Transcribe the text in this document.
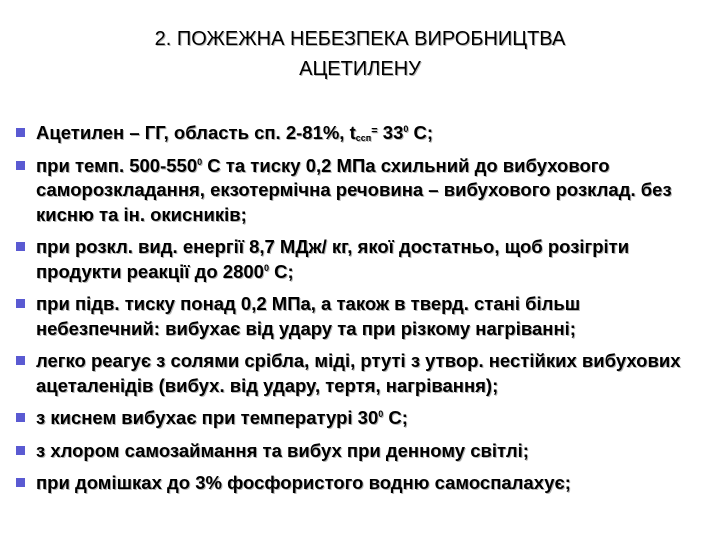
2. ПОЖЕЖНА НЕБЕЗПЕКА ВИРОБНИЦТВА
АЦЕТИЛЕНУ
Ацетилен – ГГ, область сп. 2-81%, $t_{ссп}^=$ $33^0$ С;
при темп. $500-550^0$ С та тиску 0,2 МПа схильний до вибухового саморозкладання, екзотермічна речовина – вибухового розклад. без кисню та ін. окисників;
при розкл. вид. енергії 8,7 МДж/ кг, якої достатньо, щоб розігріти продукти реакції до 2800$^0$ С;
при підв. тиску понад 0,2 МПа, а також в тверд. стані більш небезпечний: вибухає від удару та при різкому нагріванні;
легко реагує з солями срібла, міді, ртуті з утвор. нестійких вибухових ацеталенідів (вибух. від удару, тертя, нагрівання);
з киснем вибухає при температурі $30^0$ С;
з хлором самозаймання та вибух при денному світлі;
при домішках до 3% фосфористого водню самоспалахує;
